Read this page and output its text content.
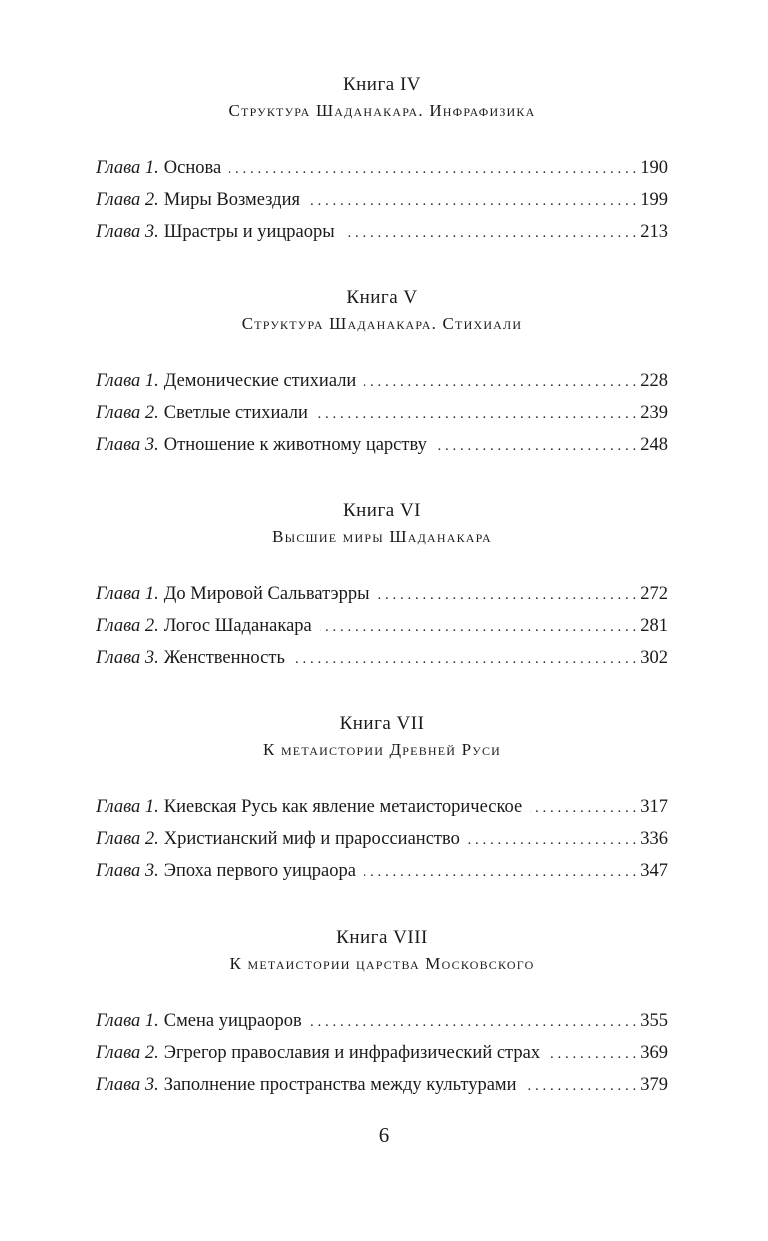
Книга IV
Структура Шаданакара. Инфрафизика
Глава 1. Основа . . .	190
Глава 2. Миры Возмездия . . .	199
Глава 3. Шрастры и уицраоры . . .	213
Книга V
Структура Шаданакара. Стихиали
Глава 1. Демонические стихиали . . .	228
Глава 2. Светлые стихиали . . .	239
Глава 3. Отношение к животному царству . . .	248
Книга VI
Высшие миры Шаданакара
Глава 1. До Мировой Сальватэрры . . .	272
Глава 2. Логос Шаданакара . . .	281
Глава 3. Женственность . . .	302
Книга VII
К метаистории Древней Руси
Глава 1. Киевская Русь как явление метаисторическое . . .	317
Глава 2. Христианский миф и прароссианство . . .	336
Глава 3. Эпоха первого уицраора . . .	347
Книга VIII
К метаистории царства Московского
Глава 1. Смена уицраоров . . .	355
Глава 2. Эгрегор православия и инфрафизический страх . . .	369
Глава 3. Заполнение пространства между культурами . . .	379
6
